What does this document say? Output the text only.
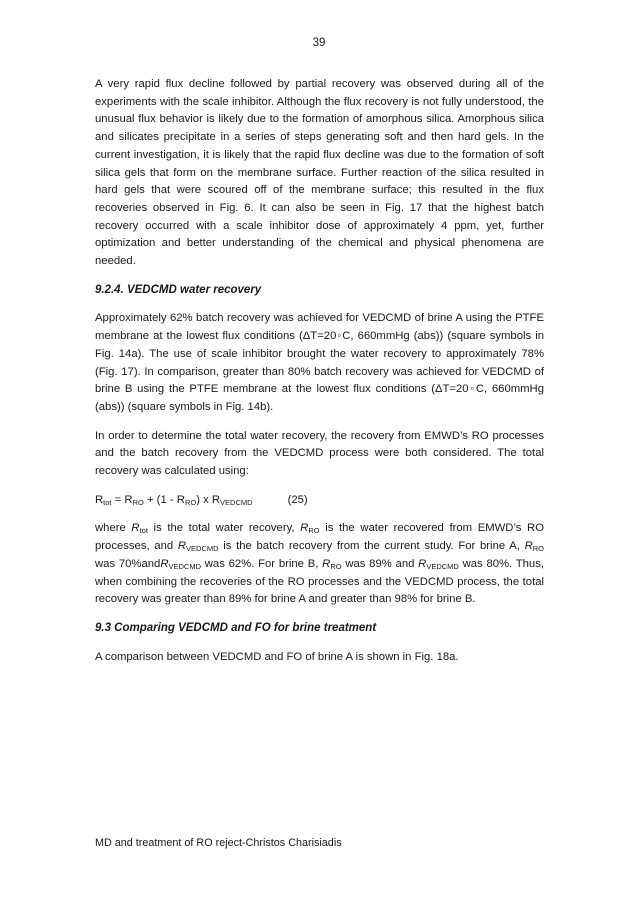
39

A very rapid flux decline followed by partial recovery was observed during all of the experiments with the scale inhibitor. Although the flux recovery is not fully understood, the unusual flux behavior is likely due to the formation of amorphous silica. Amorphous silica and silicates precipitate in a series of steps generating soft and then hard gels. In the current investigation, it is likely that the rapid flux decline was due to the formation of soft silica gels that form on the membrane surface. Further reaction of the silica resulted in hard gels that were scoured off of the membrane surface; this resulted in the flux recoveries observed in Fig. 6. It can also be seen in Fig. 17 that the highest batch recovery occurred with a scale inhibitor dose of approximately 4 ppm, yet, further optimization and better understanding of the chemical and physical phenomena are needed.

9.2.4. VEDCMD water recovery

Approximately 62% batch recovery was achieved for VEDCMD of brine A using the PTFE membrane at the lowest flux conditions (ΔT=20◦C, 660mmHg (abs)) (square symbols in Fig. 14a). The use of scale inhibitor brought the water recovery to approximately 78% (Fig. 17). In comparison, greater than 80% batch recovery was achieved for VEDCMD of brine B using the PTFE membrane at the lowest flux conditions (ΔT=20◦C, 660mmHg (abs)) (square symbols in Fig. 14b).

In order to determine the total water recovery, the recovery from EMWD’s RO processes and the batch recovery from the VEDCMD process were both considered. The total recovery was calculated using:

$R_{tot} = R_{RO} + (1 - R_{RO})$ x $R_{VEDCMD}$	(25)

where $R_{tot}$ is the total water recovery, $R_{RO}$ is the water recovered from EMWD’s RO processes, and $R_{VEDCMD}$ is the batch recovery from the current study. For brine A, $R_{RO}$ was 70%andR$_{VEDCMD}$ was 62%. For brine B, $R_{RO}$ was 89% and $R_{VEDCMD}$ was 80%. Thus, when combining the recoveries of the RO processes and the VEDCMD process, the total recovery was greater than 89% for brine A and greater than 98% for brine B.

9.3 Comparing VEDCMD and FO for brine treatment

A comparison between VEDCMD and FO of brine A is shown in Fig. 18a.

MD and treatment of RO reject-Christos Charisiadis
